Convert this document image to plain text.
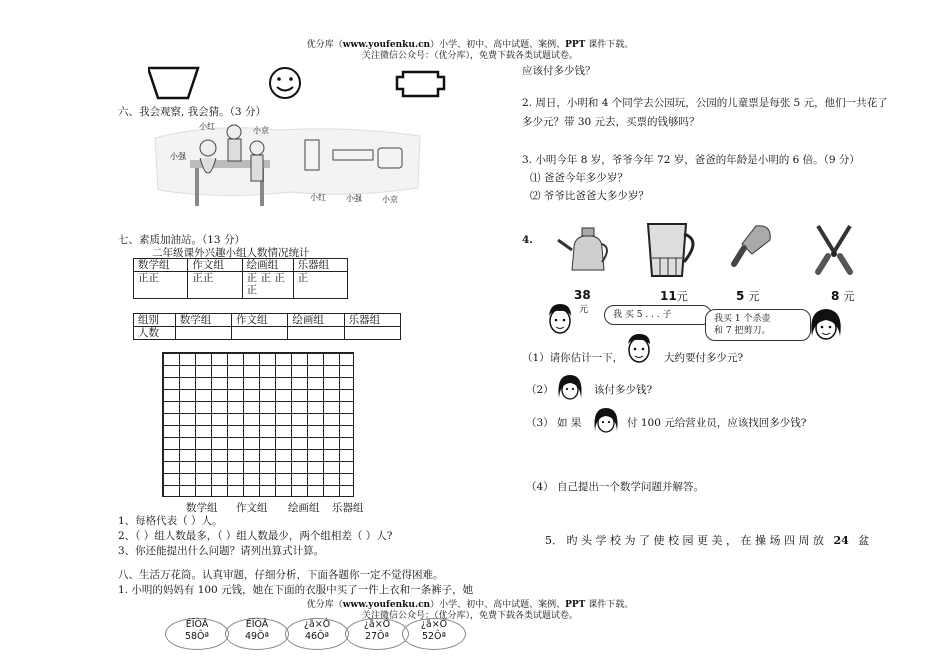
优分库（www.youfenku.cn）小学、初中、高中试题、案例、PPT 课件下载。
关注微信公众号：（优分库），免费下载各类试题试卷。
六、我会观察, 我会猜。（3 分）
小红	小京
小强
小红	小强	小京
七、素质加油站。（13 分）
二年级课外兴趣小组人数情况统计
数学组	作文组	绘画组	乐器组
正正	正正	正 正 正 正	正
组别	数学组	作文组	绘画组	乐器组
人数				
数学组 作文组 绘画组 乐器组
1、每格代表（ ）人。
2、（ ）组人数最多，（ ）组人数最少，两个组相差（ ）人?
3、你还能提出什么问题？请列出算式计算。
八、生活万花筒。认真审题，仔细分析，下面各题你一定不觉得困难。
1. 小明的妈妈有 100 元钱，她在下面的衣服中买了一件上衣和一条裤子，她
优分库（www.youfenku.cn）小学、初中、高中试题、案例、PPT 课件下载。
关注微信公众号：（优分库），免费下载各类试题试卷。
ÉÏÒÂ
58Ôª
ÉÏÒÂ
49Ôª
¿ã×Ó
46Ôª
¿ã×Ó
27Ôª
¿ã×Ó
52Ôª
应该付多少钱？
2. 周日，小明和 4 个同学去公园玩，公园的儿童票是每张 5 元，他们一共花了
多少元？带 30 元去，买票的钱够吗？
3. 小明今年 8 岁，爷爷今年 72 岁，爸爸的年龄是小明的 6 倍。（9 分）
⑴ 爸爸今年多少岁？
⑵ 爷爷比爸爸大多少岁？
4.
38
元
11元	5 元	8 元
我 买 5 . . . 子	我买 1 个杀壶
和 7 把剪刀。
（1）请你估计一下，	大约要付多少元?
（2）	该付多少钱?
（3） 如 果	付 100 元给营业员，应该找回多少钱?
（4） 自己提出一个数学问题并解答。
5． 旳 头 学 校 为 了 使 校 园 更 美 ， 在 操 场 四 周 放 24 盆
